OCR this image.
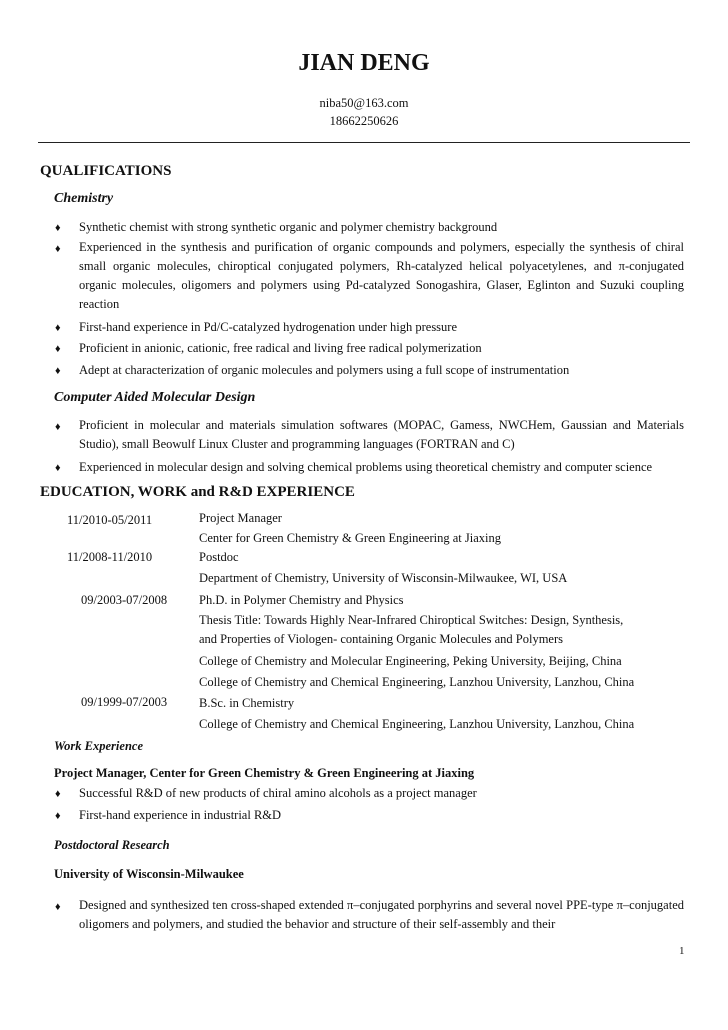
JIAN DENG
niba50@163.com
18662250626
QUALIFICATIONS
Chemistry
♦ Synthetic chemist with strong synthetic organic and polymer chemistry background
♦ Experienced in the synthesis and purification of organic compounds and polymers, especially the synthesis of chiral small organic molecules, chiroptical conjugated polymers, Rh-catalyzed helical polyacetylenes, and π-conjugated organic molecules, oligomers and polymers using Pd-catalyzed Sonogashira, Glaser, Eglinton and Suzuki coupling reaction
♦ First-hand experience in Pd/C-catalyzed hydrogenation under high pressure
♦ Proficient in anionic, cationic, free radical and living free radical polymerization
♦ Adept at characterization of organic molecules and polymers using a full scope of instrumentation
Computer Aided Molecular Design
♦ Proficient in molecular and materials simulation softwares (MOPAC, Gamess, NWCHem, Gaussian and Materials Studio), small Beowulf Linux Cluster and programming languages (FORTRAN and C)
♦ Experienced in molecular design and solving chemical problems using theoretical chemistry and computer science
EDUCATION, WORK and R&D EXPERIENCE
11/2010-05/2011	Project Manager
Center for Green Chemistry & Green Engineering at Jiaxing
11/2008-11/2010	Postdoc
Department of Chemistry, University of Wisconsin-Milwaukee, WI, USA
09/2003-07/2008	Ph.D. in Polymer Chemistry and Physics
Thesis Title: Towards Highly Near-Infrared Chiroptical Switches: Design, Synthesis,
and Properties of Viologen- containing Organic Molecules and Polymers
College of Chemistry and Molecular Engineering, Peking University, Beijing, China
College of Chemistry and Chemical Engineering, Lanzhou University, Lanzhou, China
09/1999-07/2003	B.Sc. in Chemistry
College of Chemistry and Chemical Engineering, Lanzhou University, Lanzhou, China
Work Experience
Project Manager, Center for Green Chemistry & Green Engineering at Jiaxing
♦ Successful R&D of new products of chiral amino alcohols as a project manager
♦ First-hand experience in industrial R&D
Postdoctoral Research
University of Wisconsin-Milwaukee
♦ Designed and synthesized ten cross-shaped extended π–conjugated porphyrins and several novel PPE-type π–conjugated oligomers and polymers, and studied the behavior and structure of their self-assembly and their
1
